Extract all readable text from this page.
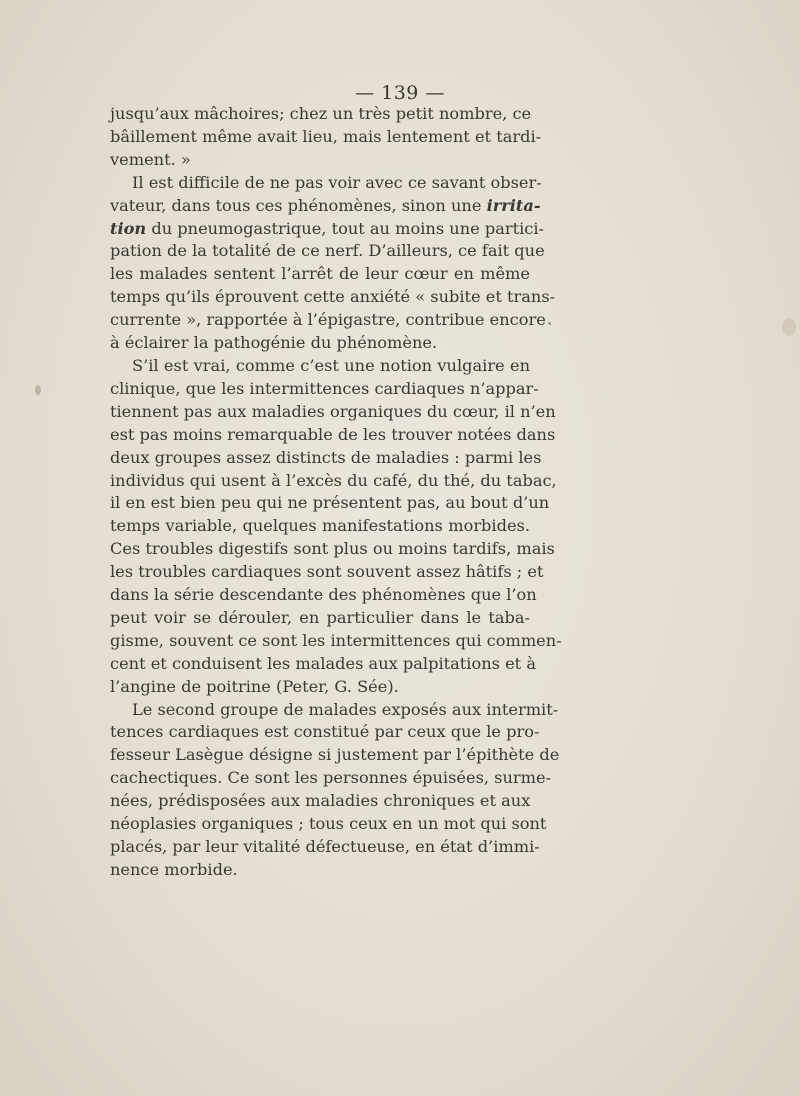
— 139 —
jusqu’aux mâchoires; chez un très petit nombre, ce
bâillement même avait lieu, mais lentement et tardi-
vement. »
Il est difficile de ne pas voir avec ce savant obser-
vateur, dans tous ces phénomènes, sinon une irrita-
tion du pneumogastrique, tout au moins une partici-
pation de la totalité de ce nerf. D’ailleurs, ce fait que
les malades sentent l’arrêt de leur cœur en même
temps qu’ils éprouvent cette anxiété « subite et trans-
currente », rapportée à l’épigastre, contribue encore
à éclairer la pathogénie du phénomène.
S’il est vrai, comme c’est une notion vulgaire en
clinique, que les intermittences cardiaques n’appar-
tiennent pas aux maladies organiques du cœur, il n’en
est pas moins remarquable de les trouver notées dans
deux groupes assez distincts de maladies : parmi les
individus qui usent à l’excès du café, du thé, du tabac,
il en est bien peu qui ne présentent pas, au bout d’un
temps variable, quelques manifestations morbides.
Ces troubles digestifs sont plus ou moins tardifs, mais
les troubles cardiaques sont souvent assez hâtifs ; et
dans la série descendante des phénomènes que l’on
peut voir se dérouler, en particulier dans le taba-
gisme, souvent ce sont les intermittences qui commen-
cent et conduisent les malades aux palpitations et à
l’angine de poitrine (Peter, G. Sée).
Le second groupe de malades exposés aux intermit-
tences cardiaques est constitué par ceux que le pro-
fesseur Lasègue désigne si justement par l’épithète de
cachectiques. Ce sont les personnes épuisées, surme-
nées, prédisposées aux maladies chroniques et aux
néoplasies organiques ; tous ceux en un mot qui sont
placés, par leur vitalité défectueuse, en état d’immi-
nence morbide.
